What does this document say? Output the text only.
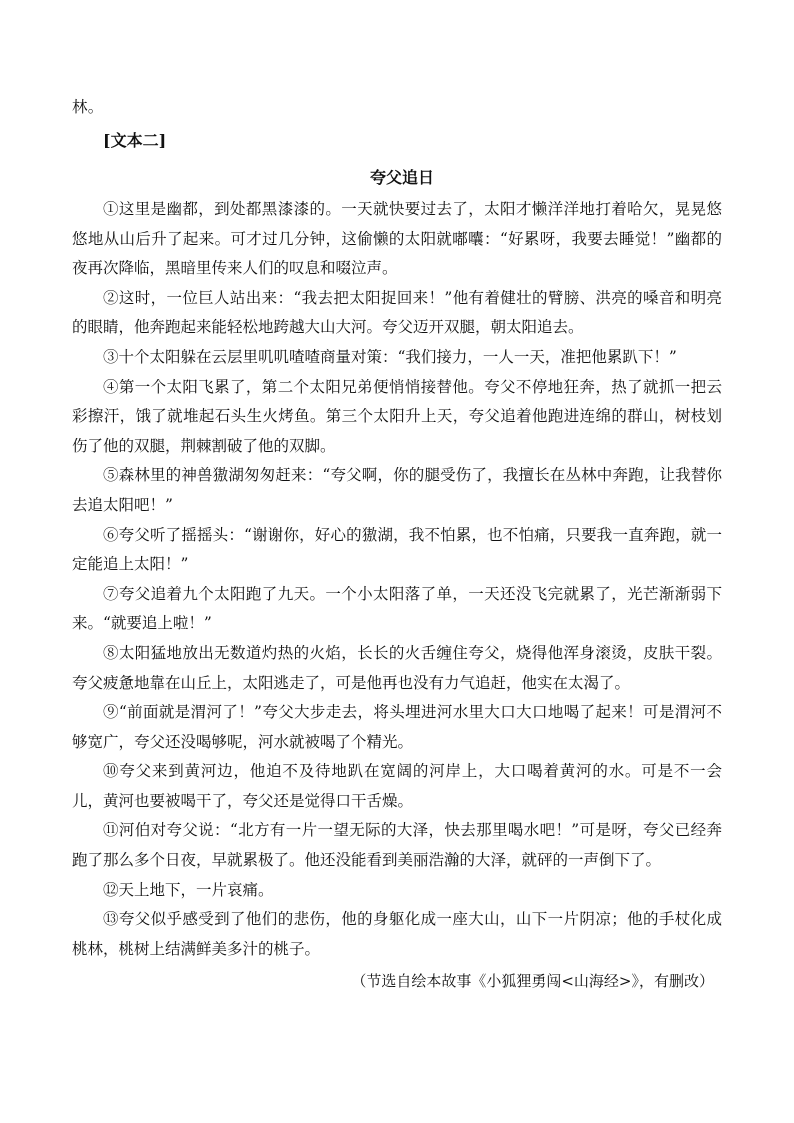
林。
[文本二]
夸父追日

①这里是幽都，到处都黑漆漆的。一天就快要过去了，太阳才懒洋洋地打着哈欠，晃晃悠悠地从山后升了起来。可才过几分钟，这偷懒的太阳就嘟囔：“好累呀，我要去睡觉！”幽都的夜再次降临，黑暗里传来人们的叹息和啜泣声。

②这时，一位巨人站出来：“我去把太阳捉回来！”他有着健壮的臂膀、洪亮的嗓音和明亮的眼睛，他奔跑起来能轻松地跨越大山大河。夸父迈开双腿，朝太阳追去。

③十个太阳躲在云层里叽叽喳喳商量对策：“我们接力，一人一天，准把他累趴下！”

④第一个太阳飞累了，第二个太阳兄弟便悄悄接替他。夸父不停地狂奔，热了就抓一把云彩擦汗，饿了就堆起石头生火烤鱼。第三个太阳升上天，夸父追着他跑进连绵的群山，树枝划伤了他的双腿，荆棘割破了他的双脚。

⑤森林里的神兽獓湖匆匆赶来：“夸父啊，你的腿受伤了，我擅长在丛林中奔跑，让我替你去追太阳吧！”

⑥夸父听了摇摇头：“谢谢你，好心的獓湖，我不怕累，也不怕痛，只要我一直奔跑，就一定能追上太阳！”

⑦夸父追着九个太阳跑了九天。一个小太阳落了单，一天还没飞完就累了，光芒渐渐弱下来。“就要追上啦！”

⑧太阳猛地放出无数道灼热的火焰，长长的火舌缠住夸父，烧得他浑身滚烫，皮肤干裂。夸父疲惫地靠在山丘上，太阳逃走了，可是他再也没有力气追赶，他实在太渴了。

⑨“前面就是渭河了！”夸父大步走去，将头埋进河水里大口大口地喝了起来！可是渭河不够宽广，夸父还没喝够呢，河水就被喝了个精光。

⑩夸父来到黄河边，他迫不及待地趴在宽阔的河岸上，大口喝着黄河的水。可是不一会儿，黄河也要被喝干了，夸父还是觉得口干舌燥。

⑪河伯对夸父说：“北方有一片一望无际的大泽，快去那里喝水吧！”可是呀，夸父已经奔跑了那么多个日夜，早就累极了。他还没能看到美丽浩瀚的大泽，就砰的一声倒下了。

⑫天上地下，一片哀痛。

⑬夸父似乎感受到了他们的悲伤，他的身躯化成一座大山，山下一片阴凉；他的手杖化成桃林，桃树上结满鲜美多汁的桃子。

（节选自绘本故事《小狐狸勇闯<山海经>》，有删改）
